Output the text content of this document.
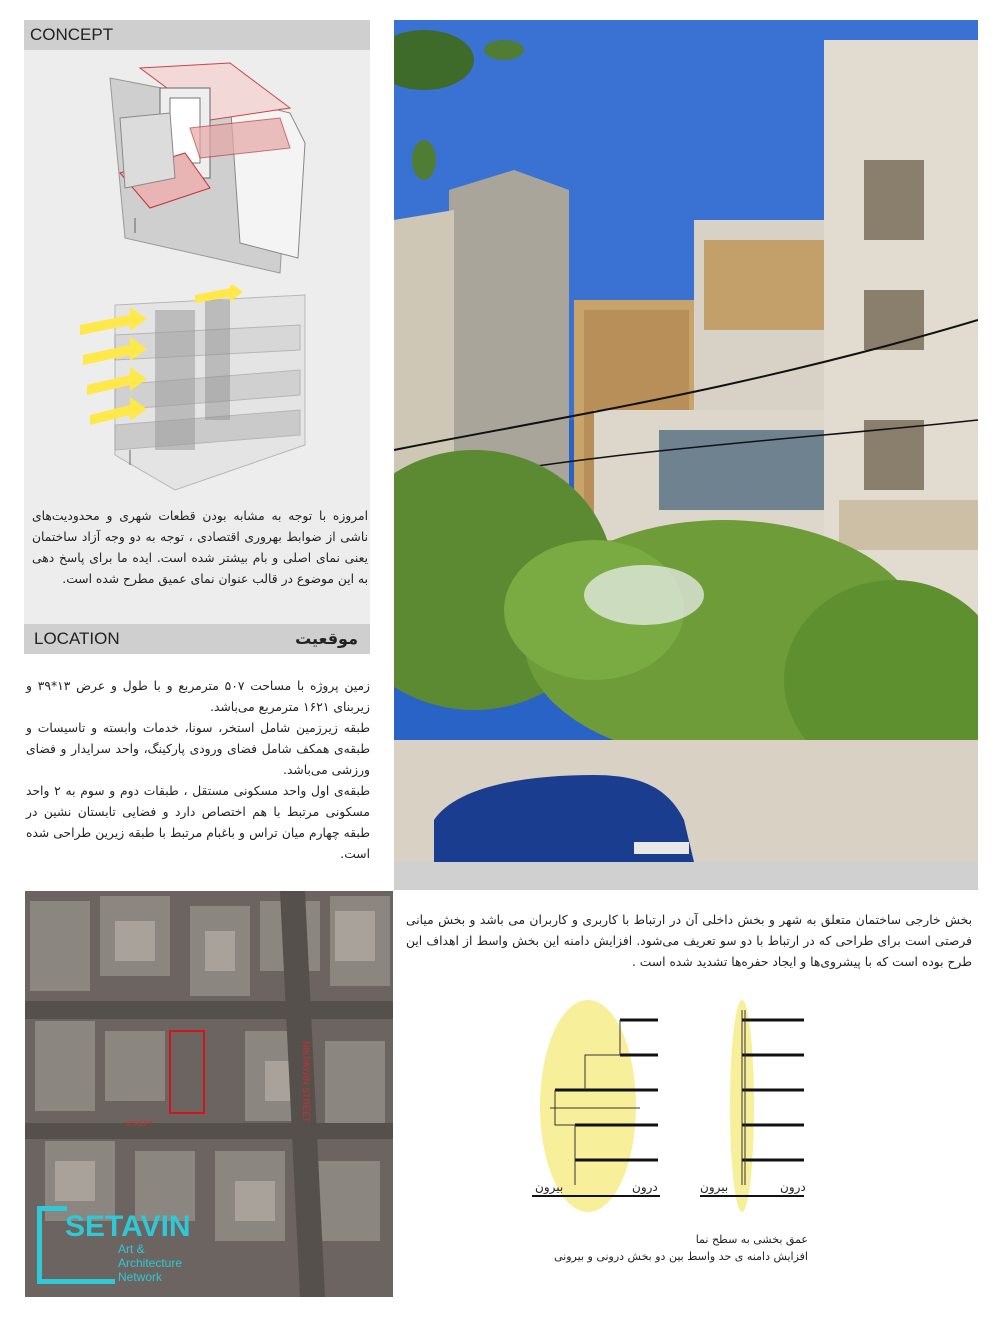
CONCEPT
امروزه با توجه به مشابه بودن قطعات شهری و محدودیت‌های ناشی از ضوابط بهروری اقتصادی ، توجه به دو وجه آزاد ساختمان یعنی نمای اصلی و بام بیشتر شده است. ایده ما برای پاسخ دهی به این موضوع در قالب عنوان نمای عمیق مطرح شده است.
LOCATION	موقعیت

زمین پروژه با مساحت ۵۰۷ مترمربع و با طول و عرض ۱۳*۳۹ و زیربنای ۱۶۲۱ مترمربع می‌باشد.

طبقه زیرزمین شامل استخر، سونا، خدمات وابسته و تاسیسات و طبقه‌ی همکف شامل فضای ورودی پارکینگ، واحد سرایدار و فضای ورزشی می‌باشد.

طبقه‌ی اول واحد مسکونی مستقل ، طبقات دوم و سوم به ۲ واحد مسکونی مرتبط با هم اختصاص دارد و فضایی تابستان نشین در طبقه چهارم میان تراس و باغبام مرتبط با طبقه زیرین طراحی شده است.

NIKPAYAN STREET
STREET
SETAVIN
Art &
Architecture
Network
بخش خارجی ساختمان متعلق به شهر و بخش داخلی آن در ارتباط با کاربری و کاربران می باشد و بخش میانی فرصتی است برای طراحی که در ارتباط با دو سو تعریف می‌شود. افزایش دامنه این بخش واسط از اهداف این طرح بوده است که با پیشروی‌ها و ایجاد حفره‌ها تشدید شده است .
بیرون	درون	بیرون	درون
عمق بخشی به سطح نما
افزایش دامنه ی حد واسط بین دو بخش درونی و بیرونی
